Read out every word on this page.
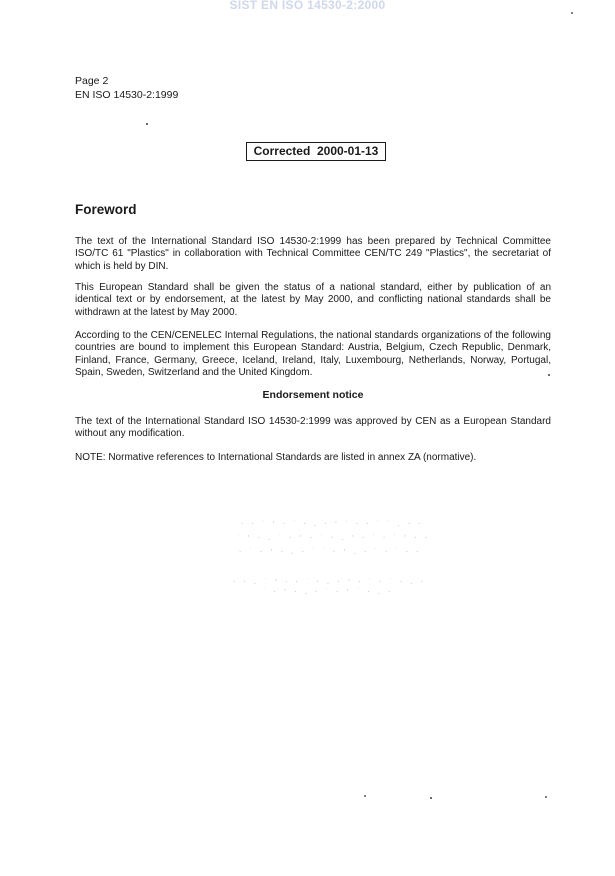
SIST EN ISO 14530-2:2000
Page 2
EN ISO 14530-2:1999
Corrected  2000-01-13
Foreword

The text of the International Standard ISO 14530-2:1999 has been prepared by Technical Committee ISO/TC 61 "Plastics" in collaboration with Technical Committee CEN/TC 249 "Plastics", the secretariat of which is held by DIN.

This European Standard shall be given the status of a national standard, either by publication of an identical text or by endorsement, at the latest by May 2000, and conflicting national standards shall be withdrawn at the latest by May 2000.

According to the CEN/CENELEC Internal Regulations, the national standards organizations of the following countries are bound to implement this European Standard: Austria, Belgium, Czech Republic, Denmark, Finland, France, Germany, Greece, Iceland, Ireland, Italy, Luxembourg, Netherlands, Norway, Portugal, Spain, Sweden, Switzerland and the United Kingdom.

Endorsement notice

The text of the International Standard ISO 14530-2:1999 was approved by CEN as a European Standard without any modification.

NOTE: Normative references to International Standards are listed in annex ZA (normative).

· · ˙ ' · ˙ · . · ' ˙ · · ˙ ˙ . · ·
˙ ' · . ˙ · ' · ˙ · . ' · ˙ · ˙ ' · ·
· ˙ · ' · . · ˙ ˙ · ' . · ˙ · ˙ · ·
· · . ˙ ' · · ˙ · . · ' · ˙ · ˙ · . ·
˙ · ' · . · ˙ · ' ˙ · . ·
